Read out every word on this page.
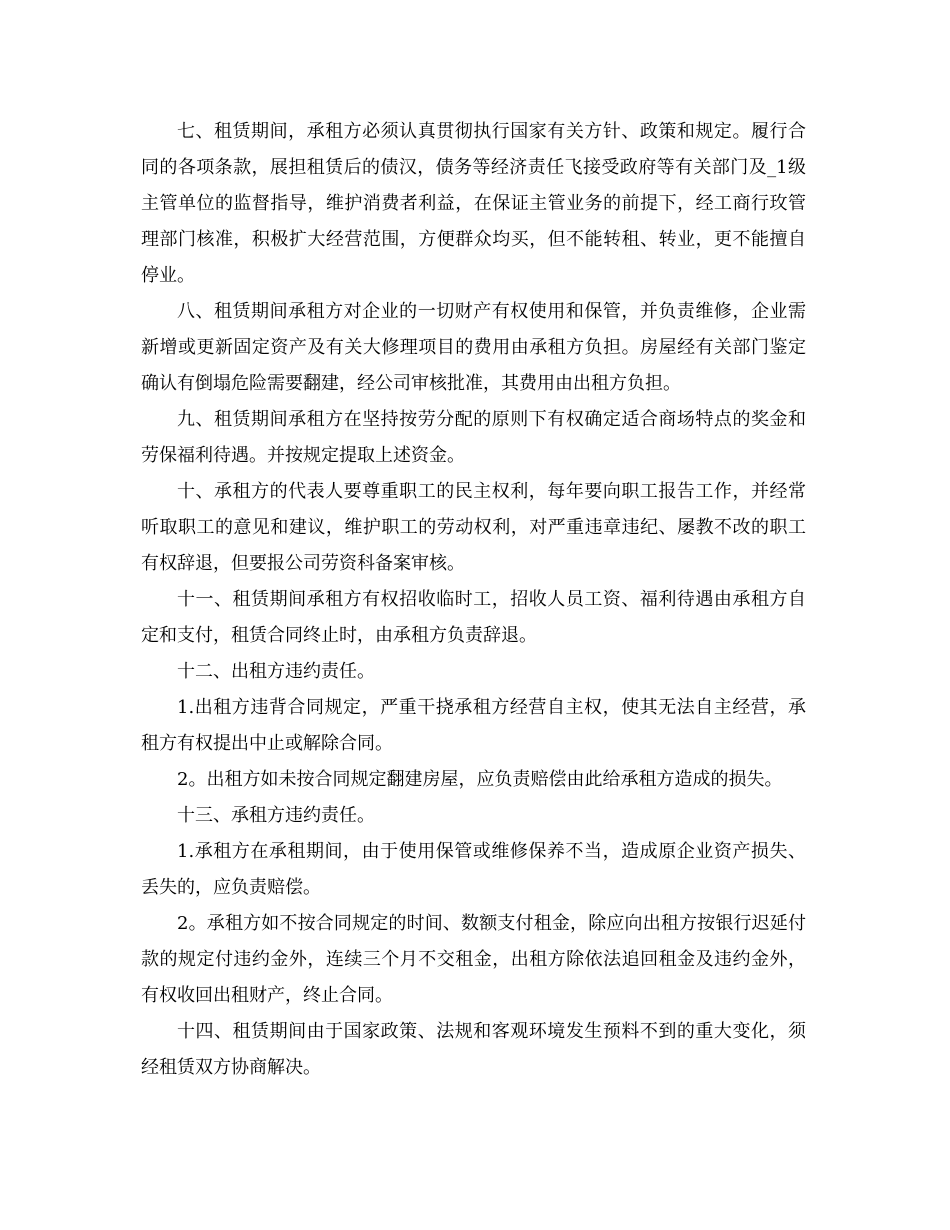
七、租赁期间，承租方必须认真贯彻执行国家有关方针、政策和规定。履行合同的各项条款，展担租赁后的债汉，债务等经济责任飞接受政府等有关部门及_1级主管单位的监督指导，维护消费者利益，在保证主管业务的前提下，经工商行玫管理部门核准，积极扩大经营范围，方便群众均买，但不能转租、转业，更不能擅自停业。

八、租赁期间承租方对企业的一切财产有权使用和保管，并负责维修，企业需新增或更新固定资产及有关大修理项目的费用由承租方负担。房屋经有关部门鉴定确认有倒塌危险需要翻建，经公司审核批准，其费用由出租方负担。

九、租赁期间承租方在坚持按劳分配的原则下有权确定适合商场特点的奖金和劳保福利待遇。并按规定提取上述资金。

十、承租方的代表人要尊重职工的民主权利，每年要向职工报告工作，并经常听取职工的意见和建议，维护职工的劳动权利，对严重违章违纪、屡教不改的职工有权辞退，但要报公司劳资科备案审核。

十一、租赁期间承租方有权招收临时工，招收人员工资、福利待遇由承租方自定和支付，租赁合同终止时，由承租方负责辞退。

十二、出租方违约责任。

1.出租方违背合同规定，严重干挠承租方经营自主权，使其无法自主经营，承租方有权提出中止或解除合同。

2。出租方如未按合同规定翻建房屋，应负责赔偿由此给承租方造成的损失。

十三、承租方违约责任。

1.承租方在承租期间，由于使用保管或维修保养不当，造成原企业资产损失、丢失的，应负责赔偿。

2。承租方如不按合同规定的时间、数额支付租金，除应向出租方按银行迟延付款的规定付违约金外，连续三个月不交租金，出租方除依法追回租金及违约金外，有权收回出租财产，终止合同。

十四、租赁期间由于国家政策、法规和客观环境发生预料不到的重大变化，须经租赁双方协商解决。
